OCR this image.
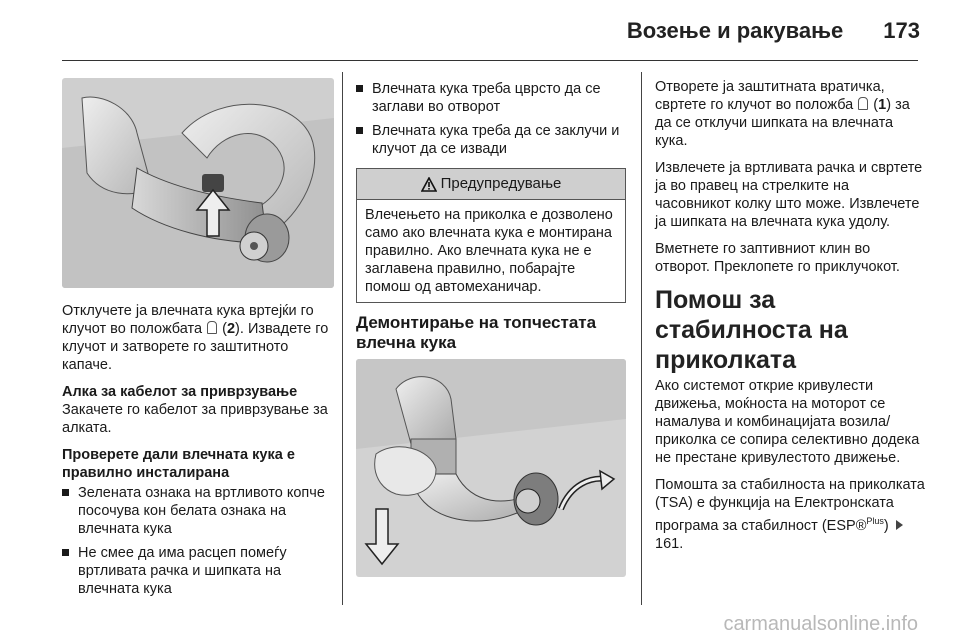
Возење и ракување 173

Отклучете ја влечната кука вртејќи го клучот во положбата  (2). Извадете го клучот и затворете го заштитното капаче.

Алка за кабелот за приврзување

Закачете го кабелот за приврзување за алката.

Проверете дали влечната кука е правилно инсталирана
Зелената ознака на вртливото копче посочува кон белата ознака на влечната кука
Не смее да има расцеп помеѓу вртливата рачка и шипката на влечната кука
Влечната кука треба цврсто да се заглави во отворот
Влечната кука треба да се заклучи и клучот да се извади
Предупредување
Влечењето на приколка е дозволено само ако влечната кука е монтирана правилно. Ако влечната кука не е заглавена правилно, побарајте помош од автомеханичар.
Демонтирање на топчестата влечна кука

Отворете ја заштитната вратичка, свртете го клучот во положба  (1) за да се отклучи шипката на влечната кука.

Извлечете ја вртливата рачка и свртете ја во правец на стрелките на часовникот колку што може. Извлечете ја шипката на влечната кука удолу.

Вметнете го заптивниот клин во отворот. Преклопете го приклучокот.

Помош за стабилноста на приколката

Ако системот открие кривулести движења, моќноста на моторот се намалува и комбинацијата возила/приколка се сопира селективно додека не престане кривулестото движење.

Помошта за стабилноста на приколката (TSA) е функција на Електронската програма за стабилност (ESP®$^{Plus}$) 161.

carmanualsonline.info
